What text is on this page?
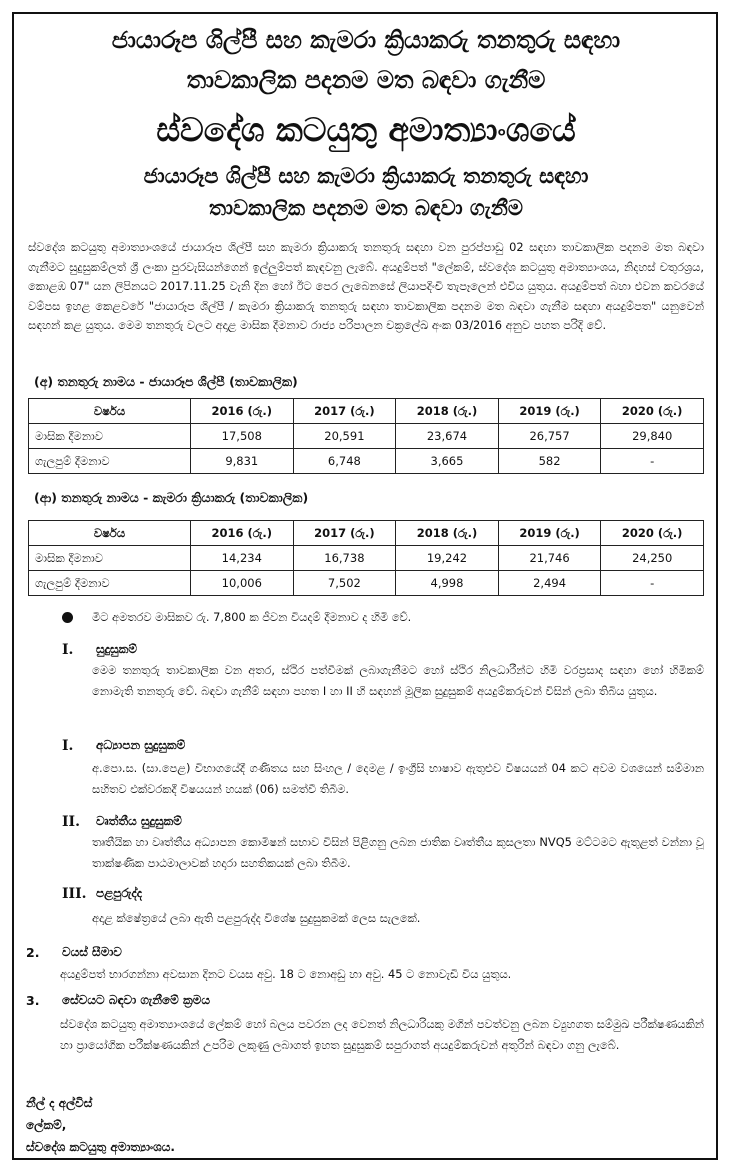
ජායාරූප ශිල්පී සහ කැමරා ක්‍රියාකරු තනතුරු සඳහා
තාවකාලික පදනම මත බඳවා ගැනීම
ස්වදේශ කටයුතු අමාත්‍යාංශයේ
ජායාරූප ශිල්පී සහ කැමරා ක්‍රියාකරු තනතුරු සඳහා
තාවකාලික පදනම මත බඳවා ගැනීම
ස්වදේශ කටයුතු අමාත්‍යාංශයේ ජායාරූප ශිල්පී සහ කැමරා ක්‍රියාකරු තනතුරු සඳහා වන පුරප්පාඩු 02 සඳහා තාවකාලික පදනම මත බඳවා ගැනීමට සුදුසුකම්ලත් ශ්‍රී ලංකා පුරවැසියන්ගෙන් ඉල්ලුම්පත් කැඳවනු ලැබේ. අයදුම්පත් "ලේකම්, ස්වදේශ කටයුතු අමාත්‍යාංශය, නිදහස් චතුරශ්‍රය, කොළඹ 07" යන ලිපිනයට 2017.11.25 වැනි දින හෝ ඊට පෙර ලැබෙනසේ ලියාපදිංචි තැපෑලෙන් එවිය යුතුය. අයදුම්පත් බහා එවන කවරයේ වම්පස ඉහළ කෙළවරේ "ජායාරූප ශිල්පී / කැමරා ක්‍රියාකරු තනතුරු සඳහා තාවකාලික පදනම මත බඳවා ගැනීම සඳහා අයදුම්පත" යනුවෙන් සඳහන් කළ යුතුය. මෙම තනතුරු වලට අදාළ මාසික දීමනාව රාජ්‍ය පරිපාලන චක්‍රලේඛ අංක 03/2016 අනුව පහත පරිදි වේ.
(අ) තනතුරු නාමය - ජායාරූප ශිල්පී (තාවකාලික)
වර්ෂය	2016 (රු.)	2017 (රු.)	2018 (රු.)	2019 (රු.)	2020 (රු.)
මාසික දීමනාව	17,508	20,591	23,674	26,757	29,840
ගැලපුම් දීමනාව	9,831	6,748	3,665	582	-
(ආ) තනතුරු නාමය - කැමරා ක්‍රියාකරු (තාවකාලික)
වර්ෂය	2016 (රු.)	2017 (රු.)	2018 (රු.)	2019 (රු.)	2020 (රු.)
මාසික දීමනාව	14,234	16,738	19,242	21,746	24,250
ගැලපුම් දීමනාව	10,006	7,502	4,998	2,494	-
මීට අමතරව මාසිකව රු. 7,800 ක ජීවන වියදම් දීමනාව ද හිමි වේ.
I. සුදුසුකම්
මෙම තනතුරු තාවකාලික වන අතර, ස්ථිර පත්වීමක් ලබාගැනීමට හෝ ස්ථිර නිලධාරීන්ට හිමි වරප්‍රසාද සඳහා හෝ හිමිකම් නොමැති තනතුරු වේ. බඳවා ගැනීම් සඳහා පහත I හා II හි සඳහන් මූලික සුදුසුකම් අයදුම්කරුවන් විසින් ලබා තිබිය යුතුය.
I. අධ්‍යාපන සුදුසුකම්
අ.පො.ස. (සා.පෙළ) විභාගයේදී ගණිතය සහ සිංහල / දෙමළ / ඉංග්‍රීසි භාෂාව ඇතුළුව විෂයයන් 04 කට අවම වශයෙන් සම්මාන සහිතව එක්වරකදී විෂයයන් හයක් (06) සමත්වී තිබීම.
II. වෘත්තීය සුදුසුකම්
තෘතීයික හා වෘත්තීය අධ්‍යාපන කොමිෂන් සභාව විසින් පිළිගනු ලබන ජාතික වෘත්තීය කුසලතා NVQ5 මට්ටමට ඇතුළත් වන්නා වූ තාක්ෂණික පාඨමාලාවක් හදාරා සහතිකයක් ලබා තිබීම.
III. පළපුරුද්ද
අදාළ ක්ෂේත්‍රයේ ලබා ඇති පළපුරුද්ද විශේෂ සුදුසුකමක් ලෙස සැලකේ.
2. වයස් සීමාව
අයදුම්පත් භාරගන්නා අවසාන දිනට වයස අවු. 18 ට නොඅඩු හා අවු. 45 ට නොවැඩි විය යුතුය.
3. සේවයට බඳවා ගැනීමේ ක්‍රමය
ස්වදේශ කටයුතු අමාත්‍යාංශයේ ලේකම් හෝ බලය පවරන ලද වෙනත් නිලධාරියකු මගින් පවත්වනු ලබන ව්‍යුහගත සම්මුඛ පරීක්ෂණයකින් හා ප්‍රායෝගික පරීක්ෂණයකින් උපරිම ලකුණු ලබාගත් ඉහත සුදුසුකම් සපුරාගත් අයදුම්කරුවන් අතුරින් බඳවා ගනු ලැබේ.
නීල් ද අල්විස්
ලේකම්,
ස්වදේශ කටයුතු අමාත්‍යාංශය.
